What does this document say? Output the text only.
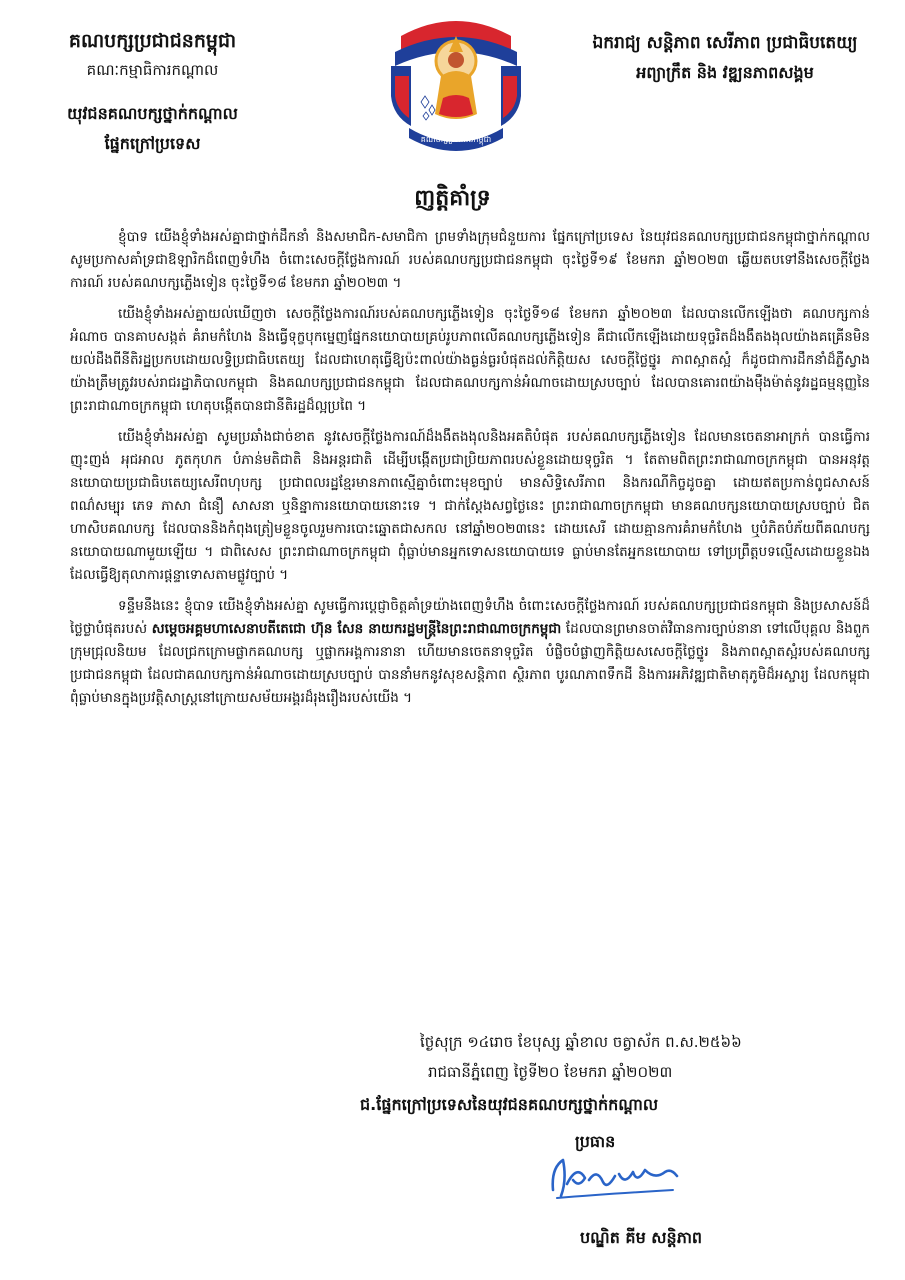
គណបក្សប្រជាជនកម្ពុជា
គណៈកម្មាធិការកណ្តាល
យុវជនគណបក្សថ្នាក់កណ្តាល
ផ្នែកក្រៅប្រទេស	គណបក្សប្រជាជនកម្ពុជា
ឯករាជ្យ សន្តិភាព សេរីភាព ប្រជាធិបតេយ្យ
អព្យាក្រឹត និង វឌ្ឍនភាពសង្គម
ញត្តិគាំទ្រ

ខ្ញុំបាទ យើងខ្ញុំទាំងអស់គ្នាជាថ្នាក់ដឹកនាំ និងសមាជិក-សមាជិកា ព្រមទាំងក្រុមជំនួយការ ផ្នែកក្រៅប្រទេស នៃយុវជនគណបក្សប្រជាជនកម្ពុជាថ្នាក់កណ្តាល សូមប្រកាសគាំទ្រជាឱឡារិកដ៏ពេញទំហឹង ចំពោះសេចក្តីថ្លែងការណ៍ របស់គណបក្សប្រជាជនកម្ពុជា ចុះថ្ងៃទី១៩ ខែមករា ឆ្នាំ២០២៣ ឆ្លើយតបទៅនឹងសេចក្តីថ្លែងការណ៍ របស់គណបក្សភ្លើងទៀន ចុះថ្ងៃទី១៨ ខែមករា ឆ្នាំ២០២៣ ។

យើងខ្ញុំទាំងអស់គ្នាយល់ឃើញថា សេចក្តីថ្លែងការណ៍របស់គណបក្សភ្លើងទៀន ចុះថ្ងៃទី១៨ ខែមករា ឆ្នាំ២០២៣ ដែលបានលើកឡើងថា គណបក្សកាន់អំណាច បានគាបសង្កត់ គំរាមកំហែង និងធ្វើទុក្ខបុកម្នេញផ្នែកនយោបាយគ្រប់រូបភាពលើគណបក្សភ្លើងទៀន គឺជាលើកឡើងដោយទុច្ចរិតដ៏ងងឹតងងុលយ៉ាងគគ្រើនមិនយល់ដឹងពីនីតិរដ្ឋប្រកបដោយលទ្ធិប្រជាធិបតេយ្យ ដែលជាហេតុធ្វើឱ្យប៉ះពាល់យ៉ាងធ្ងន់ធ្ងរបំផុតដល់កិត្តិយស សេចក្តីថ្លៃថ្នូរ ភាពស្អាតស្អំ ក៏ដូចជាការដឹកនាំដ៏ភ្លឺស្វាងយ៉ាងត្រឹមត្រូវរបស់រាជរដ្ឋាភិបាលកម្ពុជា និងគណបក្សប្រជាជនកម្ពុជា ដែលជាគណបក្សកាន់អំណាចដោយស្របច្បាប់ ដែលបានគោរពយ៉ាងម៉ឺងម៉ាត់នូវរដ្ឋធម្មនុញ្ញនៃព្រះរាជាណាចក្រកម្ពុជា ហេតុបង្កើតបានជានីតិរដ្ឋដ៏ល្អប្រពៃ ។

យើងខ្ញុំទាំងអស់គ្នា សូមប្រឆាំងជាច់ខាត នូវសេចក្តីថ្លែងការណ៍ដ៏ងងឹតងងុលនិងអគតិបំផុត របស់គណបក្សភ្លើងទៀន ដែលមានចេតនាអាក្រក់ បានធ្វើការញុះញង់ អុជអាល ភូតកុហក បំភាន់មតិជាតិ និងអន្តរជាតិ ដើម្បីបង្កើតប្រជាប្រិយភាពរបស់ខ្លួនដោយទុច្ចរិត ។ តែតាមពិតព្រះរាជាណាចក្រកម្ពុជា បានអនុវត្តនយោបាយប្រជាធិបតេយ្យសេរីពហុបក្ស ប្រជាពលរដ្ឋខ្មែរមានភាពស្មើគ្នាចំពោះមុខច្បាប់ មានសិទ្ធិសេរីភាព និងករណីកិច្ចដូចគ្នា ដោយឥតប្រកាន់ពូជសាសន៍ ពណ៌សម្បុរ ភេទ ភាសា ជំនឿ សាសនា ឬនិន្នាការនយោបាយនោះទេ ។ ជាក់ស្តែងសព្វថ្ងៃនេះ ព្រះរាជាណាចក្រកម្ពុជា មានគណបក្សនយោបាយស្របច្បាប់ ជិតហាសិបគណបក្ស ដែលបាននិងកំពុងត្រៀមខ្លួនចូលរួមការបោះឆ្នោតជាសកល នៅឆ្នាំ២០២៣នេះ ដោយសេរី ដោយគ្មានការគំរាមកំហែង ឬបំភិតបំភ័យពីគណបក្សនយោបាយណាមួយឡើយ ។ ជាពិសេស ព្រះរាជាណាចក្រកម្ពុជា ពុំធ្លាប់មានអ្នកទោសនយោបាយទេ ធ្លាប់មានតែអ្នកនយោបាយ ទៅប្រព្រឹត្តបទល្មើសដោយខ្លួនឯង ដែលធ្វើឱ្យតុលាការផ្តន្ទាទោសតាមផ្លូវច្បាប់ ។

ទន្ទឹមនឹងនេះ ខ្ញុំបាទ យើងខ្ញុំទាំងអស់គ្នា សូមធ្វើការប្តេជ្ញាចិត្តគាំទ្រយ៉ាងពេញទំហឹង ចំពោះសេចក្តីថ្លែងការណ៍ របស់គណបក្សប្រជាជនកម្ពុជា និងប្រសាសន៍ដ៏ថ្លៃថ្លាបំផុតរបស់ សម្តេចអគ្គមហាសេនាបតីតេជោ ហ៊ុន សែន នាយករដ្ឋមន្ត្រីនៃព្រះរាជាណាចក្រកម្ពុជា ដែលបានព្រមានចាត់វិធានការច្បាប់នានា ទៅលើបុគ្គល និងពួកក្រុមជ្រុលនិយម ដែលជ្រកក្រោមផ្លាកគណបក្ស ឬផ្លាកអង្គការនានា ហើយមានចេតនាទុច្ចរិត បំផ្លិចបំផ្លាញកិត្តិយសសេចក្តីថ្លៃថ្នូរ និងភាពស្អាតស្អំរបស់គណបក្សប្រជាជនកម្ពុជា ដែលជាគណបក្សកាន់អំណាចដោយស្របច្បាប់ បាននាំមកនូវសុខសន្តិភាព ស្ថិរភាព បូរណភាពទឹកដី និងការអភិវឌ្ឍជាតិមាតុភូមិដ៏អស្ចារ្យ ដែលកម្ពុជាពុំធ្លាប់មានក្នុងប្រវត្តិសាស្ត្រនៅក្រោយសម័យអង្គរដ៏រុងរឿងរបស់យើង ។

ថ្ងៃសុក្រ ១៤រោច ខែបុស្ស ឆ្នាំខាល ចត្វាស័ក ព.ស.២៥៦៦
រាជធានីភ្នំពេញ ថ្ងៃទី២០ ខែមករា ឆ្នាំ២០២៣
ជ.ផ្នែកក្រៅប្រទេសនៃយុវជនគណបក្សថ្នាក់កណ្តាល
ប្រធាន
បណ្ឌិត គីម សន្តិភាព
